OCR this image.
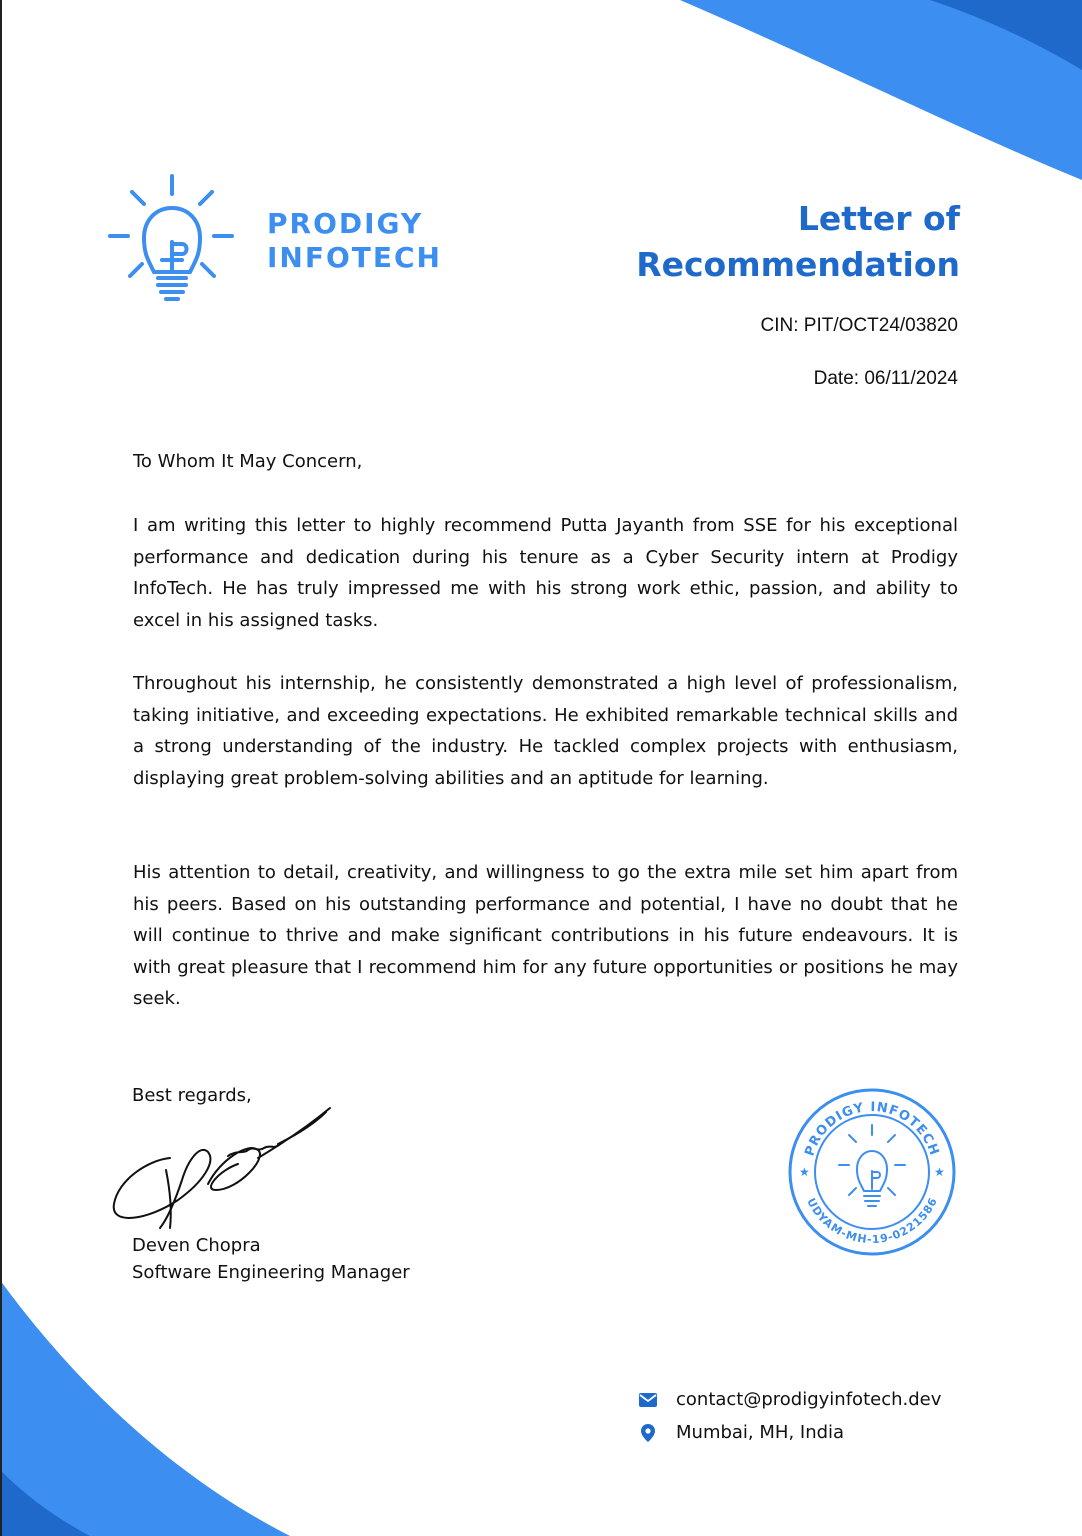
PRODIGY
INFOTECH
Letter of
Recommendation
CIN: PIT/OCT24/03820
Date: 06/11/2024
To Whom It May Concern,

I am writing this letter to highly recommend Putta Jayanth from SSE for his exceptional performance and dedication during his tenure as a Cyber Security intern at Prodigy InfoTech. He has truly impressed me with his strong work ethic, passion, and ability to excel in his assigned tasks.

Throughout his internship, he consistently demonstrated a high level of professionalism, taking initiative, and exceeding expectations. He exhibited remarkable technical skills and a strong understanding of the industry. He tackled complex projects with enthusiasm, displaying great problem-solving abilities and an aptitude for learning.

His attention to detail, creativity, and willingness to go the extra mile set him apart from his peers. Based on his outstanding performance and potential, I have no doubt that he will continue to thrive and make significant contributions in his future endeavours. It is with great pleasure that I recommend him for any future opportunities or positions he may seek.

Best regards,
Deven Chopra
Software Engineering Manager
PRODIGY INFOTECH
UDYAM-MH-19-0221586
★	★
contact@prodigyinfotech.dev
Mumbai, MH, India
